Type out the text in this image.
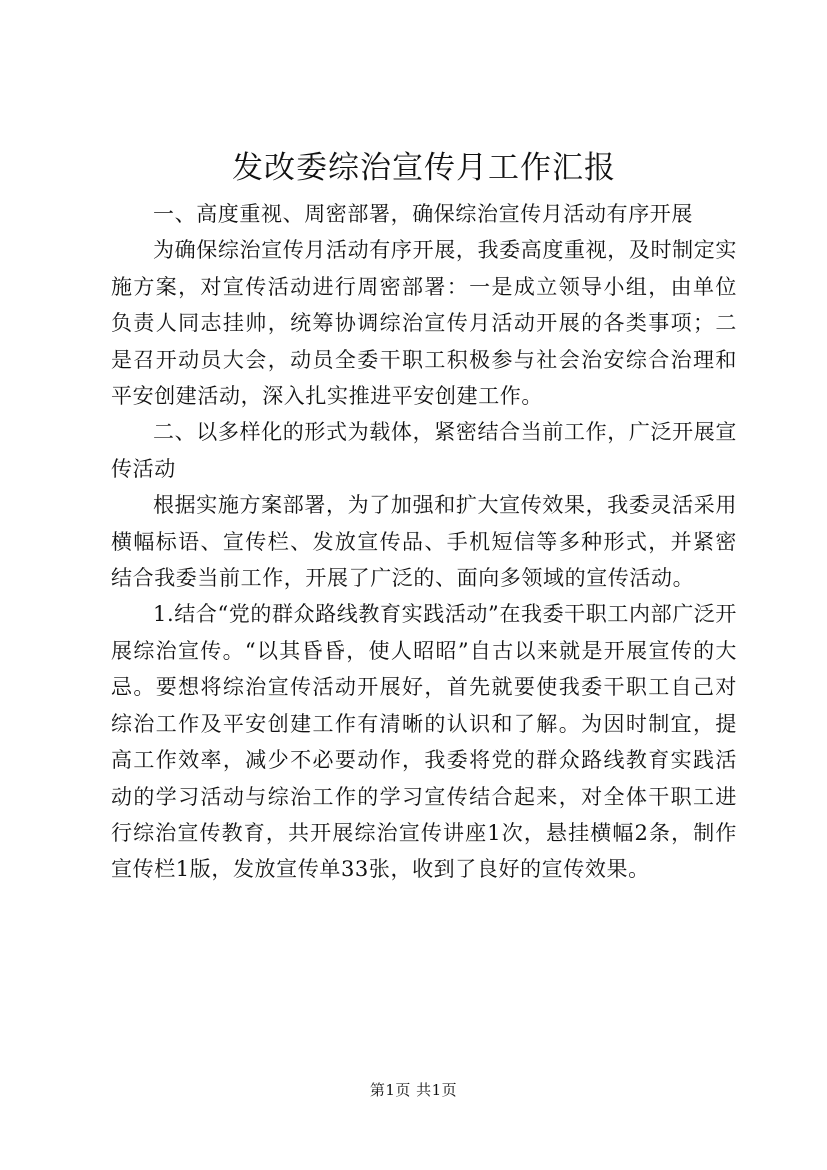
发改委综治宣传月工作汇报

一、高度重视、周密部署，确保综治宣传月活动有序开展

为确保综治宣传月活动有序开展，我委高度重视，及时制定实施方案，对宣传活动进行周密部署：一是成立领导小组，由单位负责人同志挂帅，统筹协调综治宣传月活动开展的各类事项；二是召开动员大会，动员全委干职工积极参与社会治安综合治理和平安创建活动，深入扎实推进平安创建工作。

二、以多样化的形式为载体，紧密结合当前工作，广泛开展宣传活动

根据实施方案部署，为了加强和扩大宣传效果，我委灵活采用横幅标语、宣传栏、发放宣传品、手机短信等多种形式，并紧密结合我委当前工作，开展了广泛的、面向多领域的宣传活动。

1.结合“党的群众路线教育实践活动”在我委干职工内部广泛开展综治宣传。“以其昏昏，使人昭昭”自古以来就是开展宣传的大忌。要想将综治宣传活动开展好，首先就要使我委干职工自己对综治工作及平安创建工作有清晰的认识和了解。为因时制宜，提高工作效率，减少不必要动作，我委将党的群众路线教育实践活动的学习活动与综治工作的学习宣传结合起来，对全体干职工进行综治宣传教育，共开展综治宣传讲座1次，悬挂横幅2条，制作宣传栏1版，发放宣传单33张，收到了良好的宣传效果。

第1页 共1页
